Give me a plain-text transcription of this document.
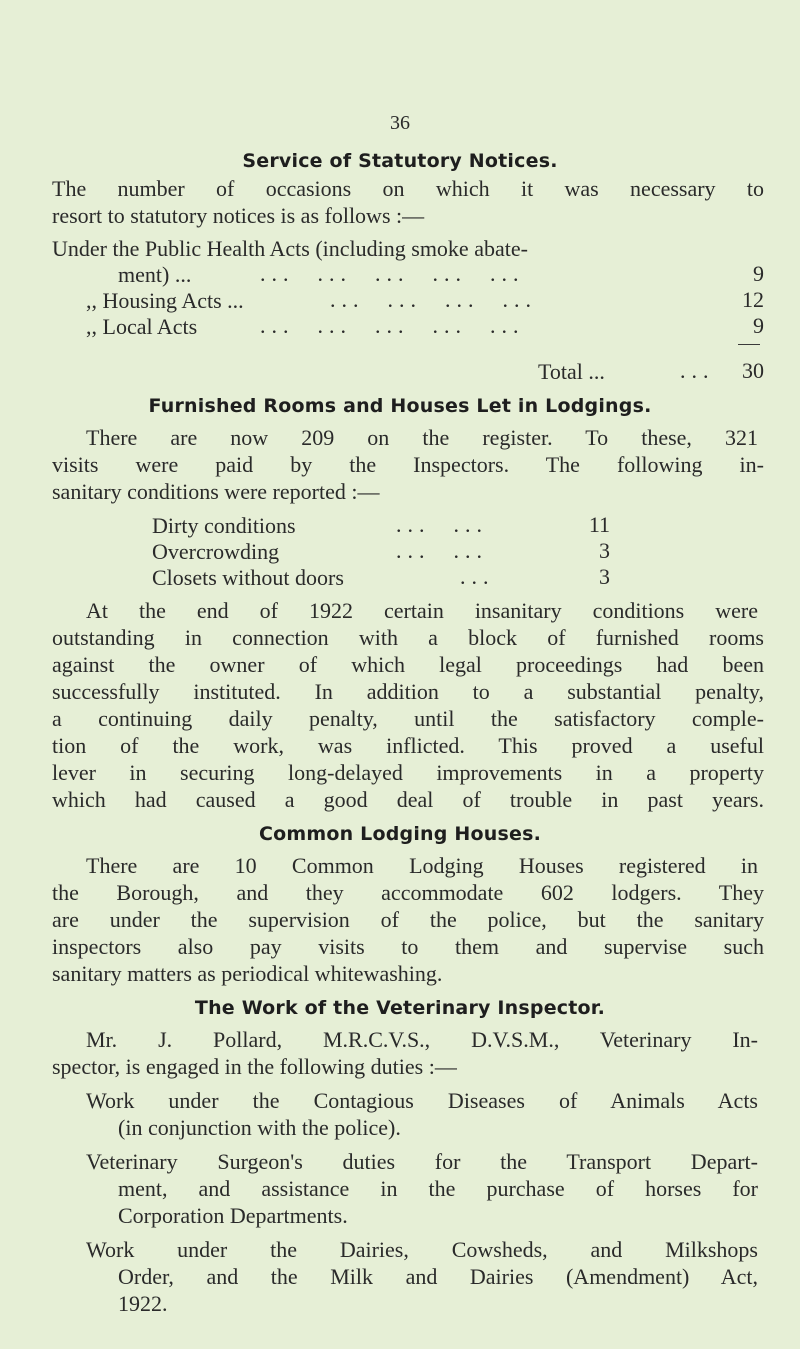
36
Service of Statutory Notices.
The number of occasions on which it was necessary to
resort to statutory notices is as follows :—
Under the Public Health Acts (including smoke abate-
ment) ...	...  ...  ...  ...  ...	9
,, Housing Acts ...	...  ...  ...  ...	12
,, Local Acts	...  ...  ...  ...  ...	9
Total ...	...	30
Furnished Rooms and Houses Let in Lodgings.
There are now 209 on the register. To these, 321
visits were paid by the Inspectors. The following in-
sanitary conditions were reported :—
Dirty conditions	...  ...	11
Overcrowding	...  ...	3
Closets without doors	...	3
At the end of 1922 certain insanitary conditions were
outstanding in connection with a block of furnished rooms
against the owner of which legal proceedings had been
successfully instituted. In addition to a substantial penalty,
a continuing daily penalty, until the satisfactory comple-
tion of the work, was inflicted. This proved a useful
lever in securing long-delayed improvements in a property
which had caused a good deal of trouble in past years.
Common Lodging Houses.
There are 10 Common Lodging Houses registered in
the Borough, and they accommodate 602 lodgers. They
are under the supervision of the police, but the sanitary
inspectors also pay visits to them and supervise such
sanitary matters as periodical whitewashing.
The Work of the Veterinary Inspector.
Mr. J. Pollard, M.R.C.V.S., D.V.S.M., Veterinary In-
spector, is engaged in the following duties :—
Work under the Contagious Diseases of Animals Acts
(in conjunction with the police).
Veterinary Surgeon's duties for the Transport Depart-
ment, and assistance in the purchase of horses for
Corporation Departments.
Work under the Dairies, Cowsheds, and Milkshops
Order, and the Milk and Dairies (Amendment) Act,
1922.
